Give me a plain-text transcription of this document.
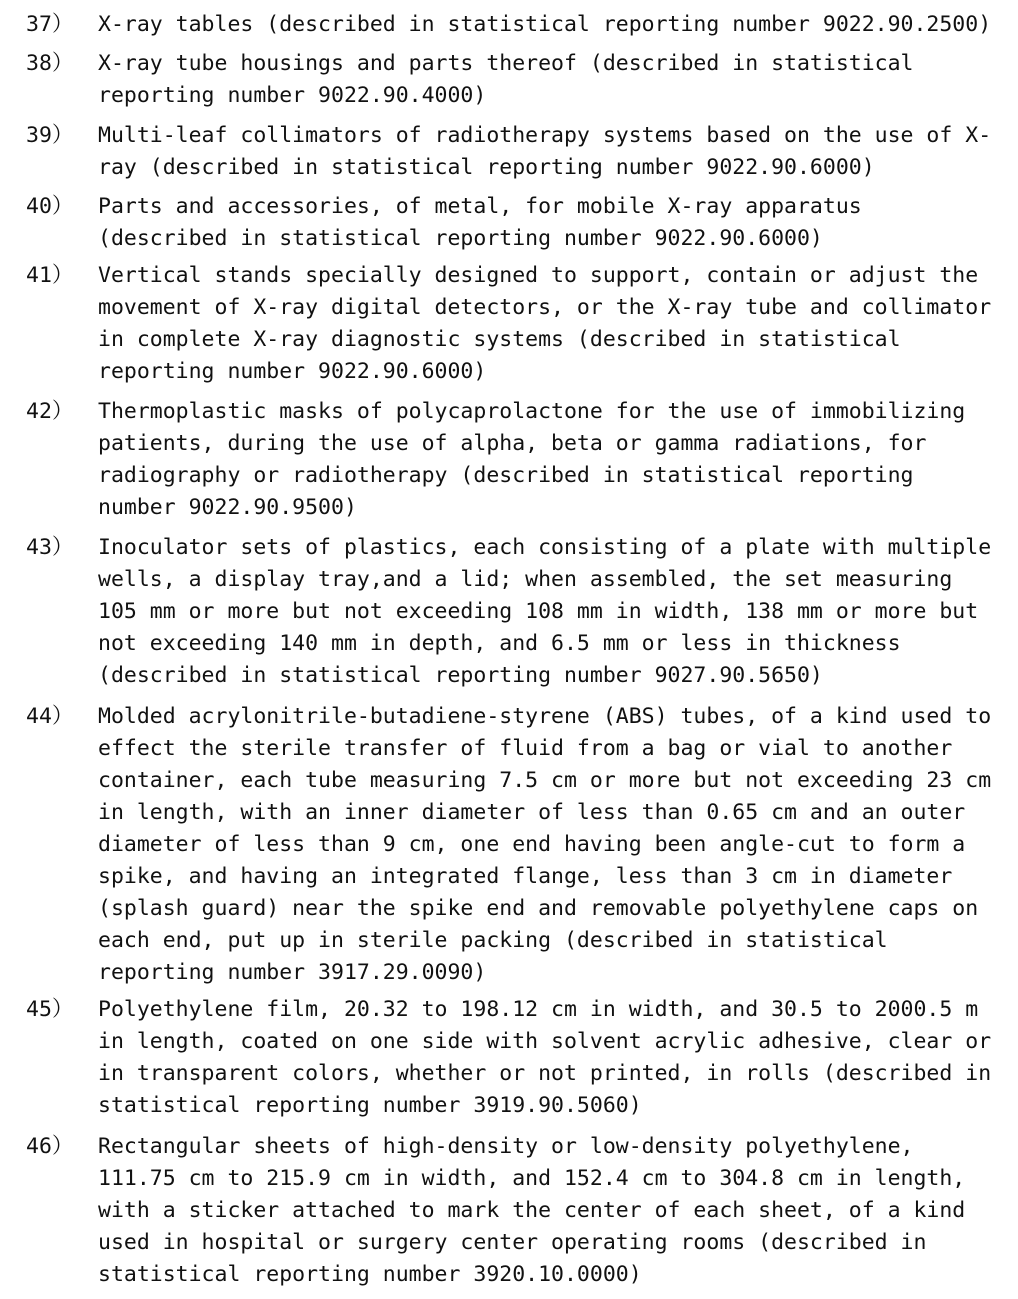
37） X-ray tables (described in statistical reporting number 9022.90.2500)
38） X-ray tube housings and parts thereof (described in statistical
reporting number 9022.90.4000)
39） Multi-leaf collimators of radiotherapy systems based on the use of X-
ray (described in statistical reporting number 9022.90.6000)
40） Parts and accessories, of metal, for mobile X-ray apparatus
(described in statistical reporting number 9022.90.6000)
41） Vertical stands specially designed to support, contain or adjust the
movement of X-ray digital detectors, or the X-ray tube and collimator
in complete X-ray diagnostic systems (described in statistical
reporting number 9022.90.6000)
42） Thermoplastic masks of polycaprolactone for the use of immobilizing
patients, during the use of alpha, beta or gamma radiations, for
radiography or radiotherapy (described in statistical reporting
number 9022.90.9500)
43） Inoculator sets of plastics, each consisting of a plate with multiple
wells, a display tray,and a lid; when assembled, the set measuring
105 mm or more but not exceeding 108 mm in width, 138 mm or more but
not exceeding 140 mm in depth, and 6.5 mm or less in thickness
(described in statistical reporting number 9027.90.5650)
44） Molded acrylonitrile-butadiene-styrene (ABS) tubes, of a kind used to
effect the sterile transfer of fluid from a bag or vial to another
container, each tube measuring 7.5 cm or more but not exceeding 23 cm
in length, with an inner diameter of less than 0.65 cm and an outer
diameter of less than 9 cm, one end having been angle-cut to form a
spike, and having an integrated flange, less than 3 cm in diameter
(splash guard) near the spike end and removable polyethylene caps on
each end, put up in sterile packing (described in statistical
reporting number 3917.29.0090)
45） Polyethylene film, 20.32 to 198.12 cm in width, and 30.5 to 2000.5 m
in length, coated on one side with solvent acrylic adhesive, clear or
in transparent colors, whether or not printed, in rolls (described in
statistical reporting number 3919.90.5060)
46） Rectangular sheets of high-density or low-density polyethylene,
111.75 cm to 215.9 cm in width, and 152.4 cm to 304.8 cm in length,
with a sticker attached to mark the center of each sheet, of a kind
used in hospital or surgery center operating rooms (described in
statistical reporting number 3920.10.0000)
